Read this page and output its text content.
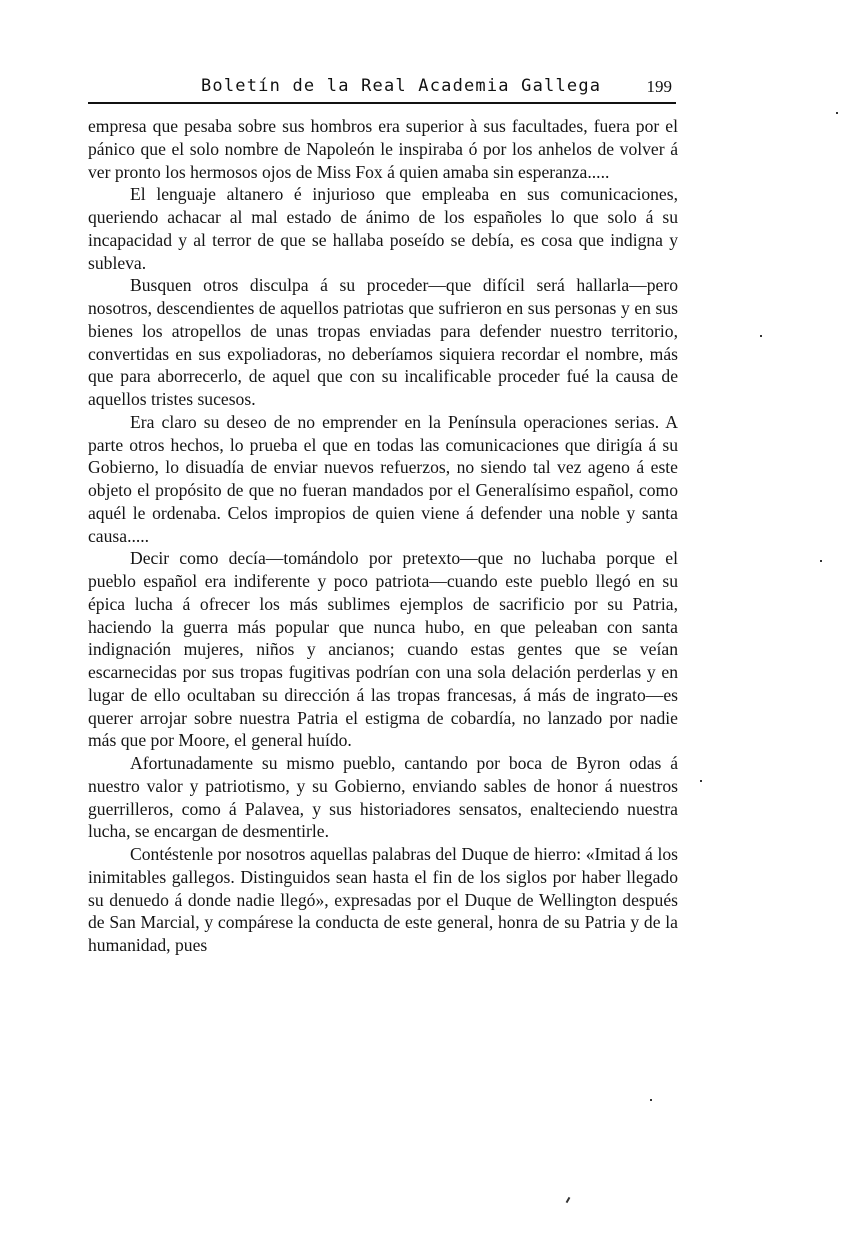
Boletín de la Real Academia Gallega	199

empresa que pesaba sobre sus hombros era superior à sus facultades, fuera por el pánico que el solo nombre de Napoleón le inspiraba ó por los anhelos de volver á ver pronto los hermosos ojos de Miss Fox á quien amaba sin esperanza.....

El lenguaje altanero é injurioso que empleaba en sus comunicaciones, queriendo achacar al mal estado de ánimo de los españoles lo que solo á su incapacidad y al terror de que se hallaba poseído se debía, es cosa que indigna y subleva.

Busquen otros disculpa á su proceder—que difícil será hallarla—pero nosotros, descendientes de aquellos patriotas que sufrieron en sus personas y en sus bienes los atropellos de unas tropas enviadas para defender nuestro territorio, convertidas en sus expoliadoras, no deberíamos siquiera recordar el nombre, más que para aborrecerlo, de aquel que con su incalificable proceder fué la causa de aquellos tristes sucesos.

Era claro su deseo de no emprender en la Península operaciones serias. A parte otros hechos, lo prueba el que en todas las comunicaciones que dirigía á su Gobierno, lo disuadía de enviar nuevos refuerzos, no siendo tal vez ageno á este objeto el propósito de que no fueran mandados por el Generalísimo español, como aquél le ordenaba. Celos impropios de quien viene á defender una noble y santa causa.....

Decir como decía—tomándolo por pretexto—que no luchaba porque el pueblo español era indiferente y poco patriota—cuando este pueblo llegó en su épica lucha á ofrecer los más sublimes ejemplos de sacrificio por su Patria, haciendo la guerra más popular que nunca hubo, en que peleaban con santa indignación mujeres, niños y ancianos; cuando estas gentes que se veían escarnecidas por sus tropas fugitivas podrían con una sola delación perderlas y en lugar de ello ocultaban su dirección á las tropas francesas, á más de ingrato—es querer arrojar sobre nuestra Patria el estigma de cobardía, no lanzado por nadie más que por Moore, el general huído.

Afortunadamente su mismo pueblo, cantando por boca de Byron odas á nuestro valor y patriotismo, y su Gobierno, enviando sables de honor á nuestros guerrilleros, como á Palavea, y sus historiadores sensatos, enalteciendo nuestra lucha, se encargan de desmentirle.

Contéstenle por nosotros aquellas palabras del Duque de hierro: «Imitad á los inimitables gallegos. Distinguidos sean hasta el fin de los siglos por haber llegado su denuedo á donde nadie llegó», expresadas por el Duque de Wellington después de San Marcial, y compárese la conducta de este general, honra de su Patria y de la humanidad, pues
